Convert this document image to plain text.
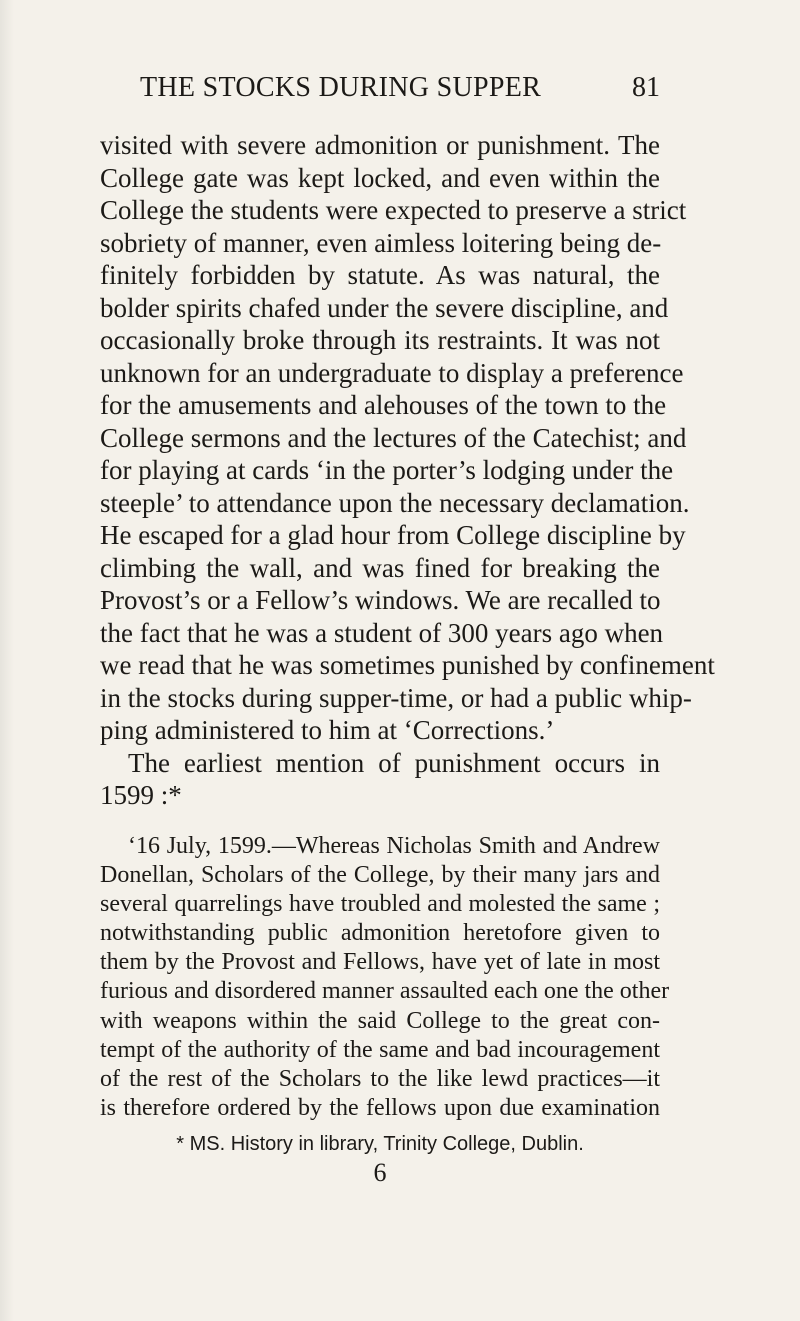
THE STOCKS DURING SUPPER	81

visited with severe admonition or punishment. The
College gate was kept locked, and even within the
College the students were expected to preserve a strict
sobriety of manner, even aimless loitering being de-
finitely forbidden by statute. As was natural, the
bolder spirits chafed under the severe discipline, and
occasionally broke through its restraints. It was not
unknown for an undergraduate to display a preference
for the amusements and alehouses of the town to the
College sermons and the lectures of the Catechist; and
for playing at cards ‘in the porter’s lodging under the
steeple’ to attendance upon the necessary declamation.
He escaped for a glad hour from College discipline by
climbing the wall, and was fined for breaking the
Provost’s or a Fellow’s windows. We are recalled to
the fact that he was a student of 300 years ago when
we read that he was sometimes punished by confinement
in the stocks during supper-time, or had a public whip-
ping administered to him at ‘Corrections.’

The earliest mention of punishment occurs in
1599 :*

‘16 July, 1599.—Whereas Nicholas Smith and Andrew
Donellan, Scholars of the College, by their many jars and
several quarrelings have troubled and molested the same ;
notwithstanding public admonition heretofore given to
them by the Provost and Fellows, have yet of late in most
furious and disordered manner assaulted each one the other
with weapons within the said College to the great con-
tempt of the authority of the same and bad incouragement
of the rest of the Scholars to the like lewd practices—it
is therefore ordered by the fellows upon due examination

* MS. History in library, Trinity College, Dublin.
6
